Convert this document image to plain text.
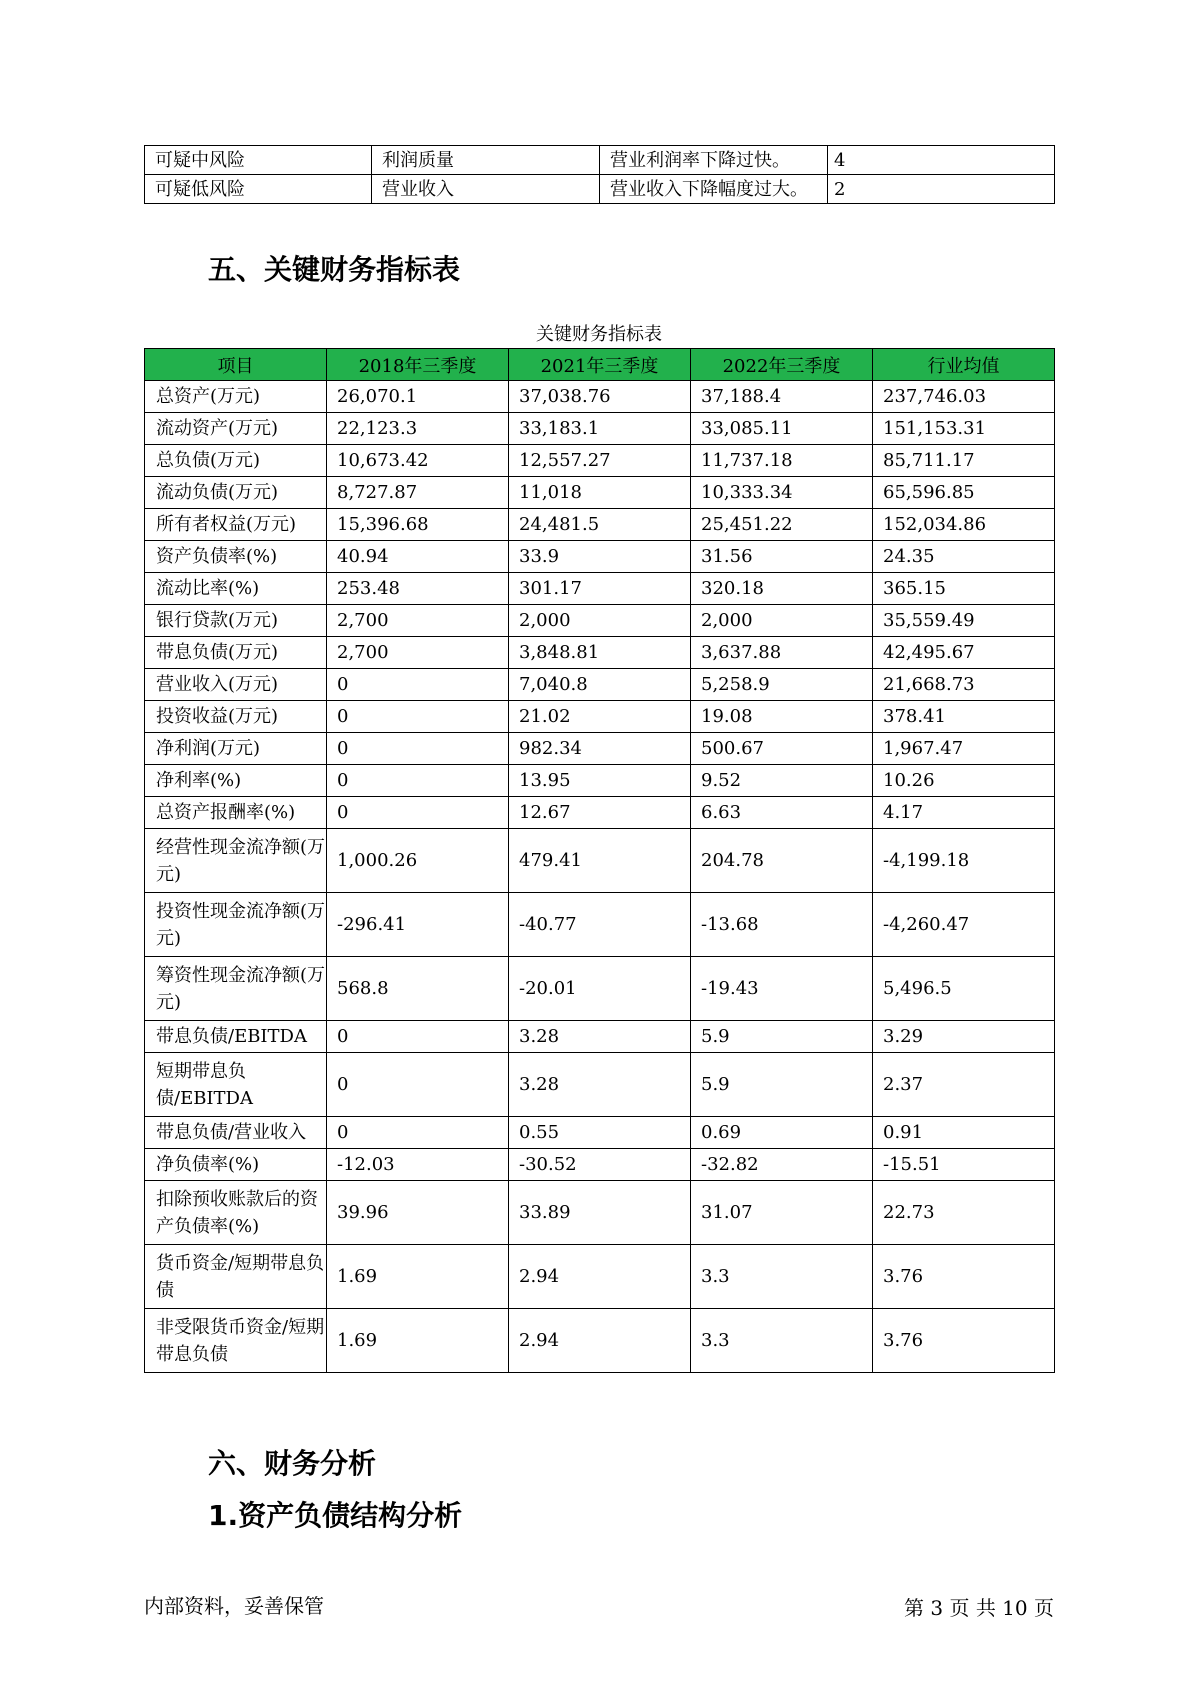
可疑中风险	利润质量	营业利润率下降过快。	4
可疑低风险	营业收入	营业收入下降幅度过大。	2
五、关键财务指标表
关键财务指标表
项目	2018年三季度	2021年三季度	2022年三季度	行业均值
总资产(万元)	26,070.1	37,038.76	37,188.4	237,746.03
流动资产(万元)	22,123.3	33,183.1	33,085.11	151,153.31
总负债(万元)	10,673.42	12,557.27	11,737.18	85,711.17
流动负债(万元)	8,727.87	11,018	10,333.34	65,596.85
所有者权益(万元)	15,396.68	24,481.5	25,451.22	152,034.86
资产负债率(%)	40.94	33.9	31.56	24.35
流动比率(%)	253.48	301.17	320.18	365.15
银行贷款(万元)	2,700	2,000	2,000	35,559.49
带息负债(万元)	2,700	3,848.81	3,637.88	42,495.67
营业收入(万元)	0	7,040.8	5,258.9	21,668.73
投资收益(万元)	0	21.02	19.08	378.41
净利润(万元)	0	982.34	500.67	1,967.47
净利率(%)	0	13.95	9.52	10.26
总资产报酬率(%)	0	12.67	6.63	4.17
经营性现金流净额(万元)	1,000.26	479.41	204.78	-4,199.18
投资性现金流净额(万元)	-296.41	-40.77	-13.68	-4,260.47
筹资性现金流净额(万元)	568.8	-20.01	-19.43	5,496.5
带息负债/EBITDA	0	3.28	5.9	3.29
短期带息负债/EBITDA	0	3.28	5.9	2.37
带息负债/营业收入	0	0.55	0.69	0.91
净负债率(%)	-12.03	-30.52	-32.82	-15.51
扣除预收账款后的资产负债率(%)	39.96	33.89	31.07	22.73
货币资金/短期带息负债	1.69	2.94	3.3	3.76
非受限货币资金/短期带息负债	1.69	2.94	3.3	3.76
六、财务分析
1.资产负债结构分析
内部资料，妥善保管	第 3 页 共 10 页
